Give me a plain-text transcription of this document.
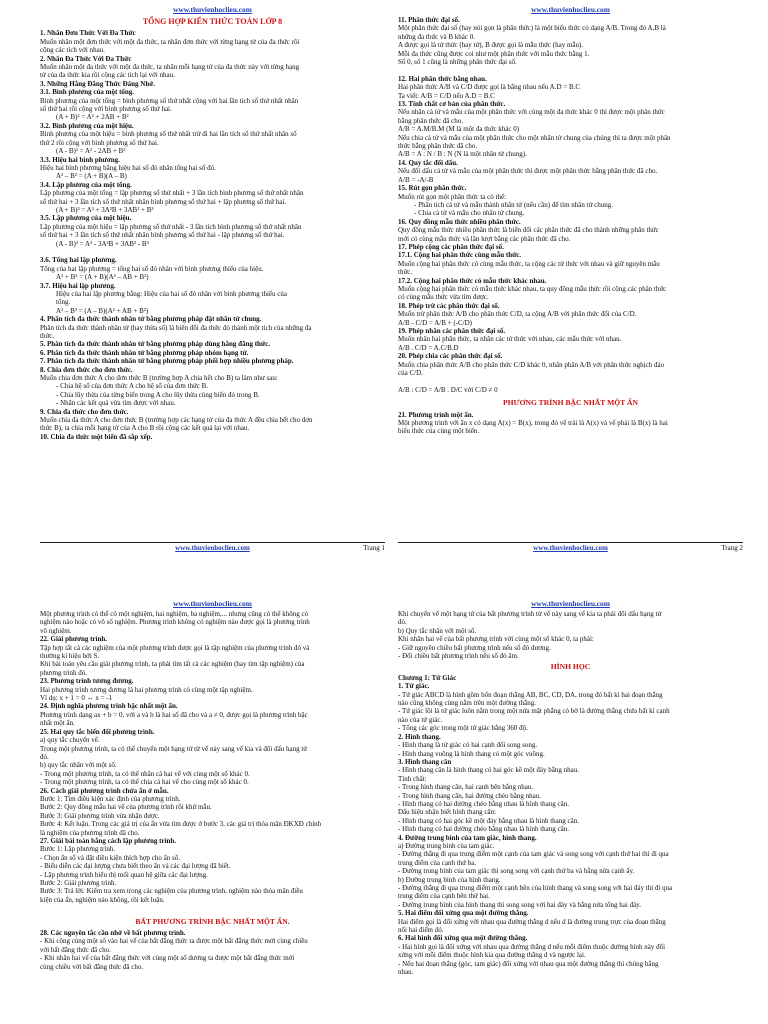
www.thuvienhoclieu.com
TỔNG HỢP KIẾN THỨC TOÁN LỚP 8
1. Nhân Đơn Thức Với Đa Thức
Muốn nhân một đơn thức với một đa thức, ta nhân đơn thức với từng hạng tử của đa thức rồi
cộng các tích với nhau.
2. Nhân Đa Thức Với Đa Thức
Muốn nhân một đa thức với một đa thức, ta nhân mỗi hạng tử của đa thức này với từng hạng
tử của đa thức kia rồi cộng các tích lại với nhau.
3. Những Hằng Đẳng Thức Đáng Nhớ.
3.1. Bình phương của một tổng.
Bình phương của một tổng = bình phương số thứ nhất cộng với hai lần tích số thứ nhất nhân
số thứ hai rồi cộng với bình phương số thứ hai.
(A + B)² = A² + 2AB + B²
3.2. Bình phương của một hiệu.
Bình phương của một hiệu = bình phương số thứ nhất trừ đi hai lần tích số thứ nhất nhân số
thứ 2 rồi cộng với bình phương số thứ hai.
(A - B)² = A² - 2AB + B²
3.3. Hiệu hai bình phương.
Hiệu hai bình phương bằng hiệu hai số đó nhân tổng hai số đó.
A² – B² = (A + B)(A – B)
3.4. Lập phương của một tổng.
Lập phương của một tổng = lập phương số thứ nhất + 3 lần tích bình phương số thứ nhất nhân
số thứ hai + 3 lần tích số thứ nhất nhân bình phương số thứ hai + lập phương số thứ hai.
(A + B)³ = A³ + 3A²B + 3AB² + B³
3.5. Lập phương của một hiệu.
Lập phương của một hiệu = lập phương số thứ nhất - 3 lần tích bình phương số thứ nhất nhân
số thứ hai + 3 lần tích số thứ nhất nhân bình phương số thứ hai - lập phương số thứ hai.
(A - B)³ = A³ - 3A²B + 3AB² - B³
3.6. Tổng hai lập phương.
Tổng của hai lập phương = tổng hai số đó nhân với bình phương thiếu của hiệu.
A³ + B³ = (A + B)(A² – AB + B²)
3.7. Hiệu hai lập phương.
Hiệu của hai lập phương bằng: Hiệu của hai số đó nhân với bình phương thiếu của
tổng.
A³ – B³ = (A – B)(A² + AB + B²)
4. Phân tích đa thức thành nhân tử bằng phương pháp đặt nhân tử chung.
Phân tích đa thức thành nhân tử (hay thừa số) là biến đổi đa thức đó thành một tích của những đa
thức.
5. Phân tích đa thức thành nhân tử bằng phương pháp dùng hằng đẳng thức.
6. Phân tích đa thức thành nhân tử bằng phương pháp nhóm hạng tử.
7. Phân tích đa thức thành nhân tử bằng phương pháp phối hợp nhiều phương pháp.
8. Chia đơn thức cho đơn thức.
Muốn chia đơn thức A cho đơn thức B (trường hợp A chia hết cho B) ta làm như sau:
- Chia hệ số của đơn thức A cho hệ số của đơn thức B.
- Chia lũy thừa của từng biến trong A cho lũy thừa cùng biến đó trong B.
- Nhân các kết quả vừa tìm được với nhau.
9. Chia đa thức cho đơn thức.
Muốn chia đa thức A cho đơn thức B (trường hợp các hạng tử của đa thức A đều chia hết cho đơn
thức B), ta chia mỗi hạng tử của A cho B rồi cộng các kết quả lại với nhau.
10. Chia đa thức một biến đã sắp xếp.
www.thuvienhoclieu.com	Trang 1
www.thuvienhoclieu.com
11. Phân thức đại số.
Một phân thức đại số (hay nói gọn là phân thức) là một biểu thức có dạng A/B. Trong đó A,B là
những đa thức và B khác 0.
A được gọi là tử thức (hay tử), B được gọi là mẫu thức (hay mẫu).
Mỗi đa thức cũng được coi như một phân thức với mẫu thức bằng 1.
Số 0, số 1 cũng là những phân thức đại số.
12. Hai phân thức bằng nhau.
Hai phân thức A/B và C/D được gọi là bằng nhau nếu A.D = B.C
Ta viết: A/B = C/D nếu A.D = B.C
13. Tính chất cơ bản của phân thức.
Nếu nhân cả tử và mẫu của một phân thức với cùng một đa thức khác 0 thì được một phân thức
bằng phân thức đã cho.
A/B = A.M/B.M (M là một đa thức khác 0)
Nếu chia cả tử và mẫu của một phân thức cho một nhân tử chung của chúng thì ta được một phân
thức bằng phân thức đã cho.
A/B = A : N / B : N (N là một nhân tử chung).
14. Quy tắc đổi dấu.
Nếu đổi dấu cả tử và mẫu của một phân thức thì được một phân thức bằng phân thức đã cho.
A/B = -A/-B
15. Rút gọn phân thức.
Muốn rút gọn một phân thức ta có thể:
- Phân tích cả tử và mẫu thành nhân tử (nếu cần) để tìm nhân tử chung.
- Chia cả tử và mẫu cho nhân tử chung.
16. Quy đồng mẫu thức nhiều phân thức.
Quy đồng mẫu thức nhiều phân thức là biến đổi các phân thức đã cho thành những phân thức
mới có cùng mẫu thức và lần lượt bằng các phân thức đã cho.
17. Phép cộng các phân thức đại số.
17.1. Cộng hai phân thức cùng mẫu thức.
Muốn cộng hai phân thức có cùng mẫu thức, ta cộng các tử thức với nhau và giữ nguyên mẫu
thức.
17.2. Cộng hai phân thức có mẫu thức khác nhau.
Muốn cộng hai phân thức có mẫu thức khác nhau, ta quy đồng mẫu thức rồi cộng các phân thức
có cùng mẫu thức vừa tìm được.
18. Phép trừ các phân thức đại số.
Muốn trừ phân thức A/B cho phân thức C/D, ta cộng A/B với phân thức đối của C/D.
A/B - C/D = A/B + (-C/D)
19. Phép nhân các phân thức đại số.
Muốn nhân hai phân thức, ta nhân các tử thức với nhau, các mẫu thức với nhau.
A/B . C/D = A.C/B.D
20. Phép chia các phân thức đại số.
Muốn chia phân thức A/B cho phân thức C/D khác 0, nhân phân A/B với phân thức nghịch đảo
của C/D.
A/B : C/D = A/B . D/C với C/D ≠ 0
PHƯƠNG TRÌNH BẬC NHẤT MỘT ẨN
21. Phương trình một ẩn.
Một phương trình với ẩn x có dạng A(x) = B(x), trong đó vế trái là A(x) và vế phải là B(x) là hai
biểu thức của cùng một biến.
www.thuvienhoclieu.com	Trang 2
www.thuvienhoclieu.com
Một phương trình có thể có một nghiệm, hai nghiệm, ba nghiệm,... nhưng cũng có thể không có
nghiệm nào hoặc có vô số nghiệm. Phương trình không có nghiệm nào được gọi là phương trình
vô nghiệm.
22. Giải phương trình.
Tập hợp tất cả các nghiệm của một phương trình được gọi là tập nghiệm của phương trình đó và
thường kí hiệu bởi S.
Khi bài toán yêu cầu giải phương trình, ta phải tìm tất cả các nghiệm (hay tìm tập nghiệm) của
phương trình đó.
23. Phương trình tương đương.
Hai phương trình tương đương là hai phương trình có cùng một tập nghiệm.
Ví dụ: x + 1 = 0 ⇔ x = -1
24. Định nghĩa phương trình bậc nhất một ẩn.
Phương trình dạng ax + b = 0, với a và b là hai số đã cho và a ≠ 0, được gọi là phương trình bậc
nhất một ẩn.
25. Hai quy tắc biến đổi phương trình.
a) quy tắc chuyển vế.
Trong một phương trình, ta có thể chuyển một hạng tử từ vế này sang vế kia và đổi dấu hạng tử
đó.
b) quy tắc nhân với một số.
- Trong một phương trình, ta có thể nhân cả hai vế với cùng một số khác 0.
- Trong một phương trình, ta có thể chia cả hai vế cho cùng một số khác 0.
26. Cách giải phương trình chứa ẩn ở mẫu.
Bước 1: Tìm điều kiện xác định của phương trình.
Bước 2: Quy đồng mẫu hai vế của phương trình rồi khử mẫu.
Bước 3: Giải phương trình vừa nhận được.
Bước 4: Kết luận. Trong các giá trị của ẩn vừa tìm được ở bước 3, các giá trị thỏa mãn ĐKXĐ chính
là nghiệm của phương trình đã cho.
27. Giải bài toán bằng cách lập phương trình.
Bước 1: Lập phương trình.
- Chọn ẩn số và đặt điều kiện thích hợp cho ẩn số.
- Biểu diễn các đại lượng chưa biết theo ẩn và các đại lượng đã biết.
- Lập phương trình biểu thị mối quan hệ giữa các đại lượng.
Bước 2: Giải phương trình.
Bước 3: Trả lời: Kiểm tra xem trong các nghiệm của phương trình, nghiệm nào thỏa mãn điều
kiện của ẩn, nghiệm nào không, rồi kết luận.
BẤT PHƯƠNG TRÌNH BẬC NHẤT MỘT ẨN.
28. Các nguyên tắc cần nhớ về bất phương trình.
- Khi cộng cùng một số vào hai vế của bất đẳng thức ta được một bất đẳng thức mới cùng chiều
với bất đẳng thức đã cho.
- Khi nhân hai vế của bất đẳng thức với cùng một số dương ta được một bất đẳng thức mới
cùng chiều với bất đẳng thức đã cho.
www.thuvienhoclieu.com
Khi chuyển vế một hạng tử của bất phương trình từ vế này sang vế kia ta phải đổi dấu hạng tử
đó.
b) Quy tắc nhân với một số.
Khi nhân hai vế của bất phương trình với cùng một số khác 0, ta phải:
- Giữ nguyên chiều bất phương trình nếu số đó dương.
- Đổi chiều bất phương trình nếu số đó âm.
HÌNH HỌC
Chương 1: Tứ Giác
1. Tứ giác.
- Tứ giác ABCD là hình gồm bốn đoạn thẳng AB, BC, CD, DA, trong đó bất kì hai đoạn thẳng
nào cũng không cùng nằm trên một đường thẳng.
- Tứ giác lồi là tứ giác luôn nằm trong một nửa mặt phẳng có bờ là đường thẳng chứa bất kì cạnh
nào của tứ giác.
- Tổng các góc trong một tứ giác bằng 360 độ.
2. Hình thang.
- Hình thang là tứ giác có hai cạnh đối song song.
- Hình thang vuông là hình thang có một góc vuông.
3. Hình thang cân
- Hình thang cân là hình thang có hai góc kề một đáy bằng nhau.
Tính chất:
- Trong hình thang cân, hai cạnh bên bằng nhau.
- Trong hình thang cân, hai đường chéo bằng nhau.
- Hình thang có hai đường chéo bằng nhau là hình thang cân.
Dấu hiệu nhận biết hình thang cân:
- Hình thang có hai góc kề một đáy bằng nhau là hình thang cân.
- Hình thang có hai đường chéo bằng nhau là hình thang cân.
4. Đường trung bình của tam giác, hình thang.
a) Đường trung bình của tam giác.
- Đường thẳng đi qua trung điểm một cạnh của tam giác và song song với cạnh thứ hai thì đi qua
trung điểm của cạnh thứ ba.
- Đường trung bình của tam giác thì song song với cạnh thứ ba và bằng nửa cạnh ấy.
b) Đường trung bình của hình thang.
- Đường thẳng đi qua trung điểm một cạnh bên của hình thang và song song với hai đáy thì đi qua
trung điểm của cạnh bên thứ hai.
- Đường trung bình của hình thang thì song song với hai đáy và bằng nửa tổng hai đáy.
5. Hai điểm đối xứng qua một đường thẳng.
Hai điểm gọi là đối xứng với nhau qua đường thẳng d nếu d là đường trung trực của đoạn thẳng
nối hai điểm đó.
6. Hai hình đối xứng qua một đường thẳng.
- Hai hình gọi là đối xứng với nhau qua đường thẳng d nếu mỗi điểm thuộc đường hình này đối
xứng với mỗi điểm thuộc hình kia qua đường thẳng d và ngược lại.
- Nếu hai đoạn thẳng (góc, tam giác) đối xứng với nhau qua một đường thẳng thì chúng bằng
nhau.
